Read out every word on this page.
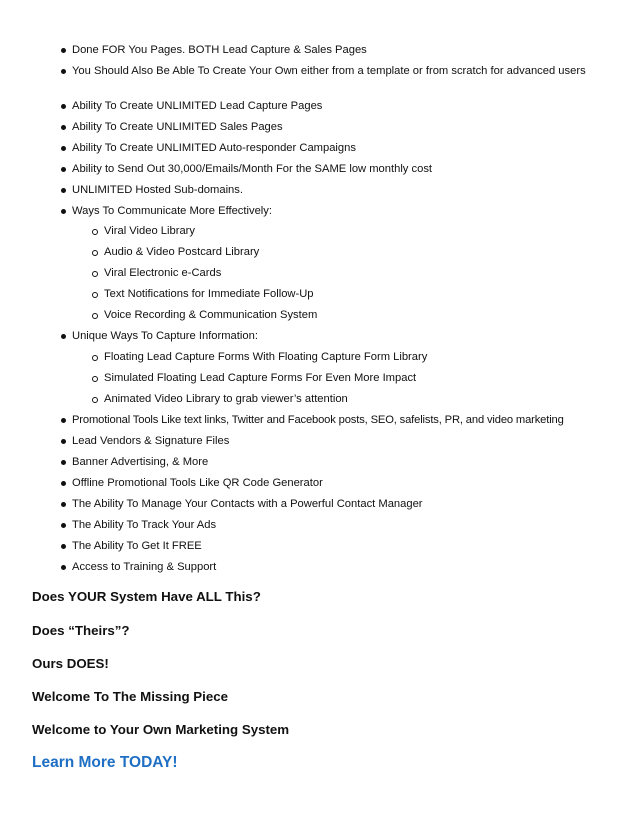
Done FOR You Pages. BOTH Lead Capture & Sales Pages
You Should Also Be Able To Create Your Own either from a template or from scratch for advanced users
Ability To Create UNLIMITED Lead Capture Pages
Ability To Create UNLIMITED Sales Pages
Ability To Create UNLIMITED Auto-responder Campaigns
Ability to Send Out 30,000/Emails/Month For the SAME low monthly cost
UNLIMITED Hosted Sub-domains.
Ways To Communicate More Effectively:
Viral Video Library
Audio & Video Postcard Library
Viral Electronic e-Cards
Text Notifications for Immediate Follow-Up
Voice Recording & Communication System
Unique Ways To Capture Information:
Floating Lead Capture Forms With Floating Capture Form Library
Simulated Floating Lead Capture Forms For Even More Impact
Animated Video Library to grab viewer’s attention
Promotional Tools Like text links, Twitter and Facebook posts, SEO, safelists, PR, and video marketing
Lead Vendors & Signature Files
Banner Advertising, & More
Offline Promotional Tools Like QR Code Generator
The Ability To Manage Your Contacts with a Powerful Contact Manager
The Ability To Track Your Ads
The Ability To Get It FREE
Access to Training & Support
Does YOUR System Have ALL This?
Does “Theirs”?
Ours DOES!
Welcome To The Missing Piece
Welcome to Your Own Marketing System
Learn More TODAY!
